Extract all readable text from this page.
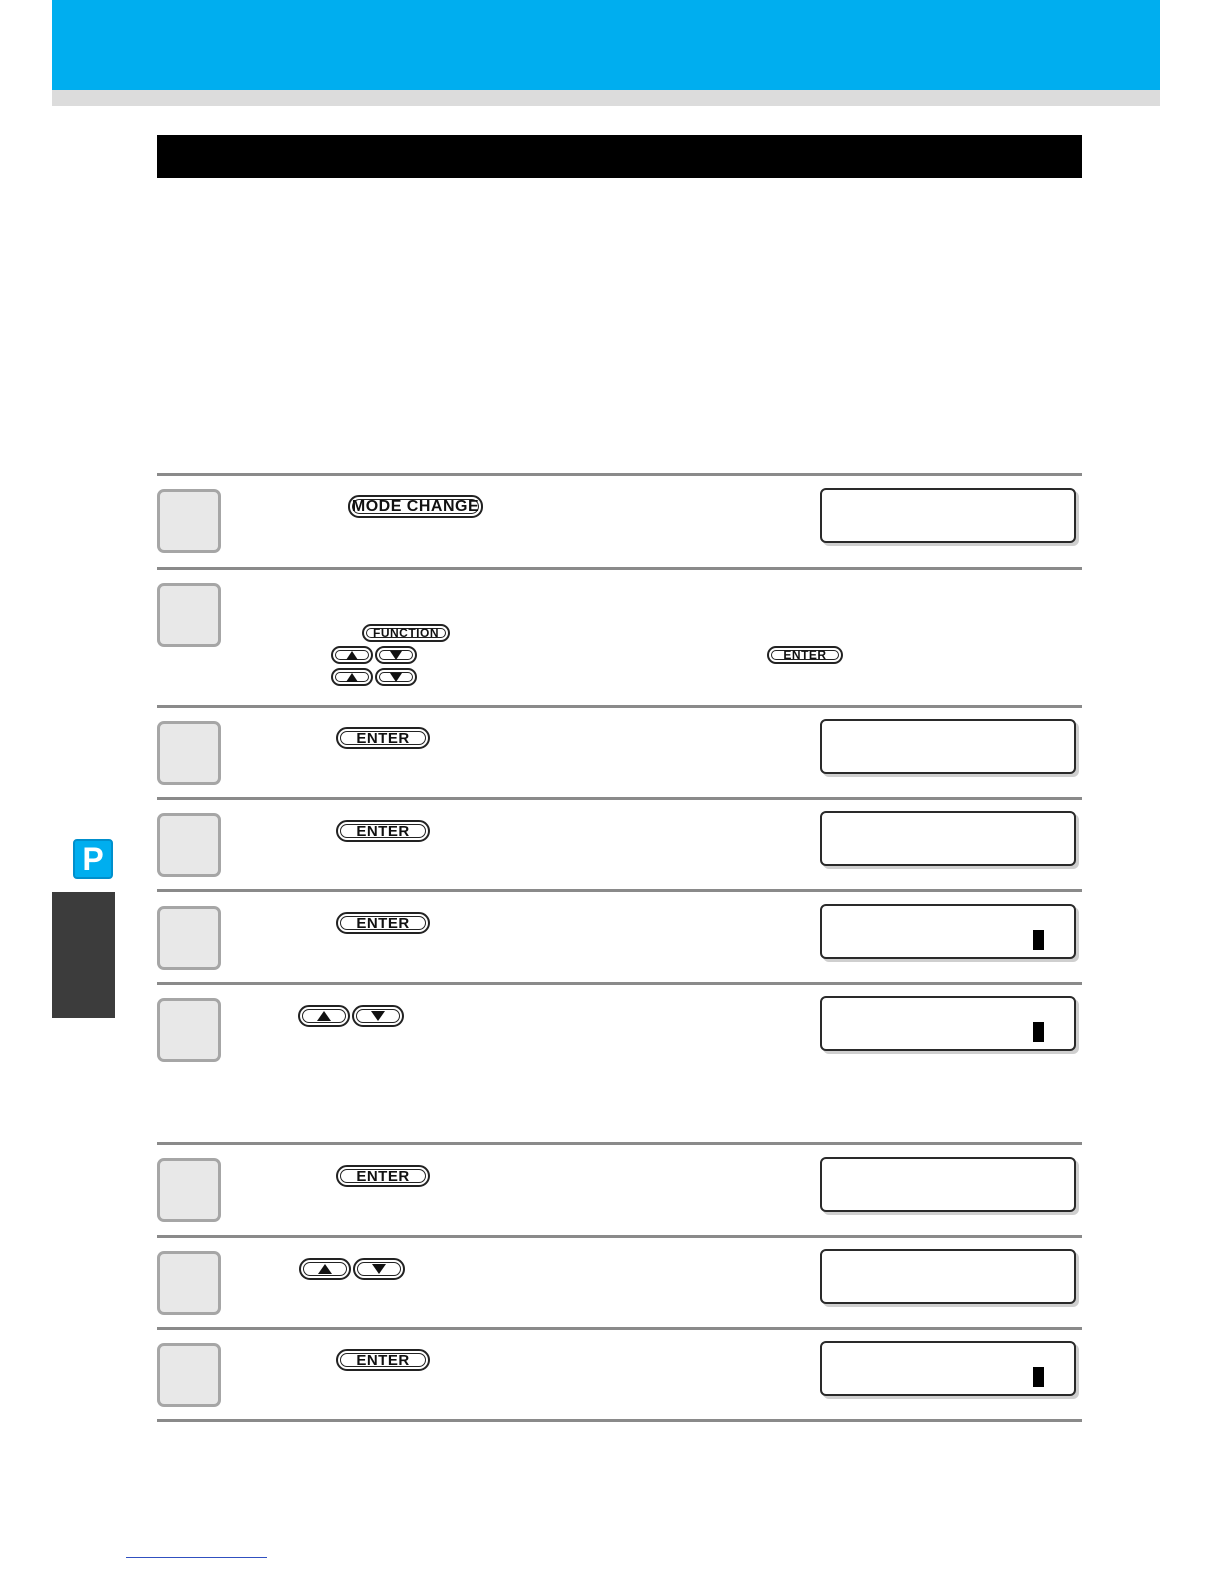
P
MODE CHANGE
FUNCTION
ENTER
ENTER
ENTER
ENTER
ENTER
ENTER
